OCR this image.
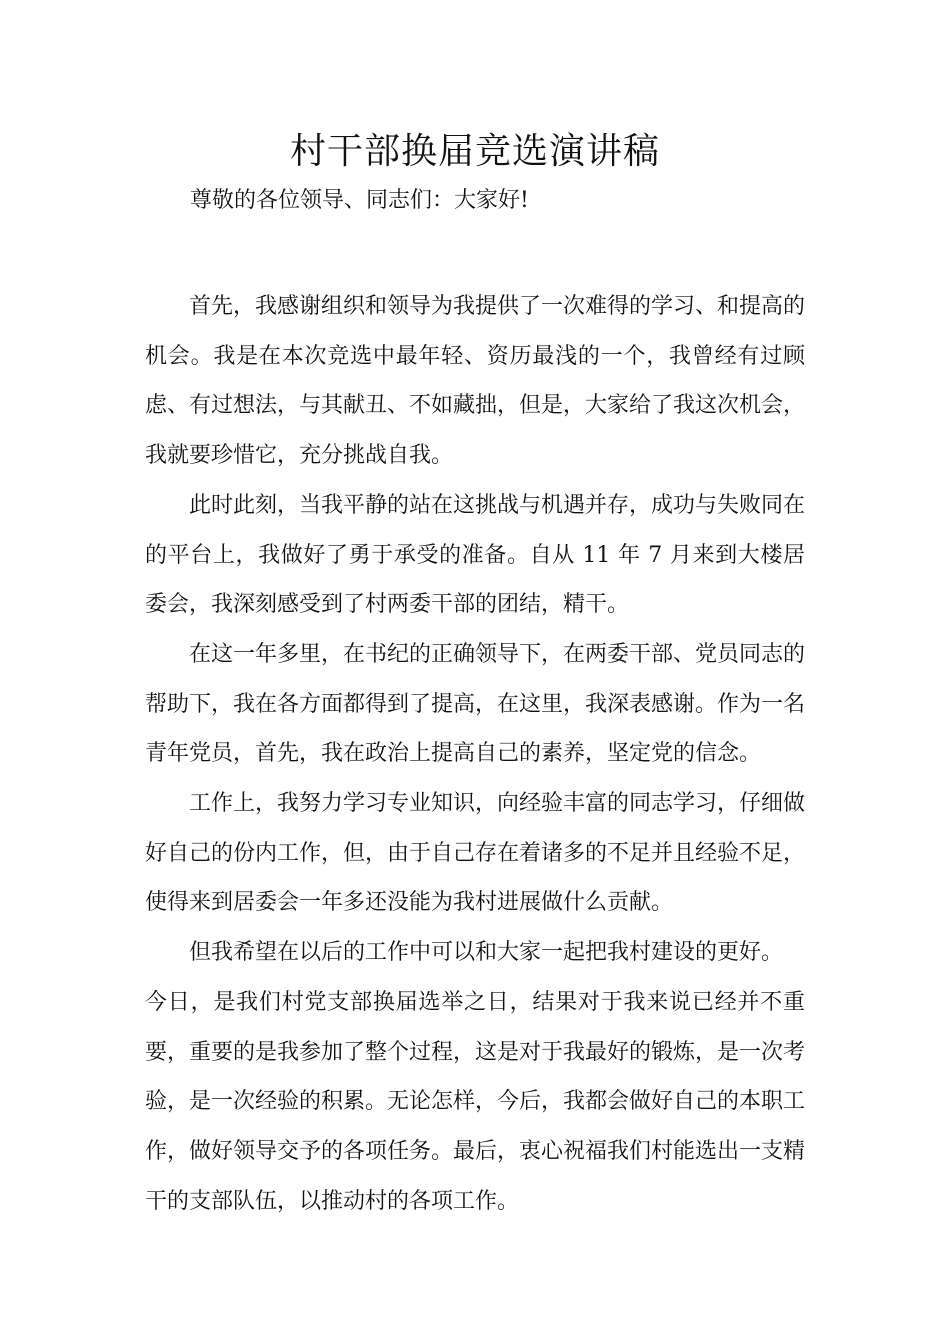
村干部换届竞选演讲稿
尊敬的各位领导、同志们：大家好!

首先，我感谢组织和领导为我提供了一次难得的学习、和提高的机会。我是在本次竞选中最年轻、资历最浅的一个，我曾经有过顾虑、有过想法，与其献丑、不如藏拙，但是，大家给了我这次机会，我就要珍惜它，充分挑战自我。

此时此刻，当我平静的站在这挑战与机遇并存，成功与失败同在的平台上，我做好了勇于承受的准备。自从 11 年 7 月来到大楼居委会，我深刻感受到了村两委干部的团结，精干。

在这一年多里，在书纪的正确领导下，在两委干部、党员同志的帮助下，我在各方面都得到了提高，在这里，我深表感谢。作为一名青年党员，首先，我在政治上提高自己的素养，坚定党的信念。

工作上，我努力学习专业知识，向经验丰富的同志学习，仔细做好自己的份内工作，但，由于自己存在着诸多的不足并且经验不足，使得来到居委会一年多还没能为我村进展做什么贡献。

但我希望在以后的工作中可以和大家一起把我村建设的更好。

今日，是我们村党支部换届选举之日，结果对于我来说已经并不重要，重要的是我参加了整个过程，这是对于我最好的锻炼，是一次考验，是一次经验的积累。无论怎样，今后，我都会做好自己的本职工作，做好领导交予的各项任务。最后，衷心祝福我们村能选出一支精干的支部队伍，以推动村的各项工作。
